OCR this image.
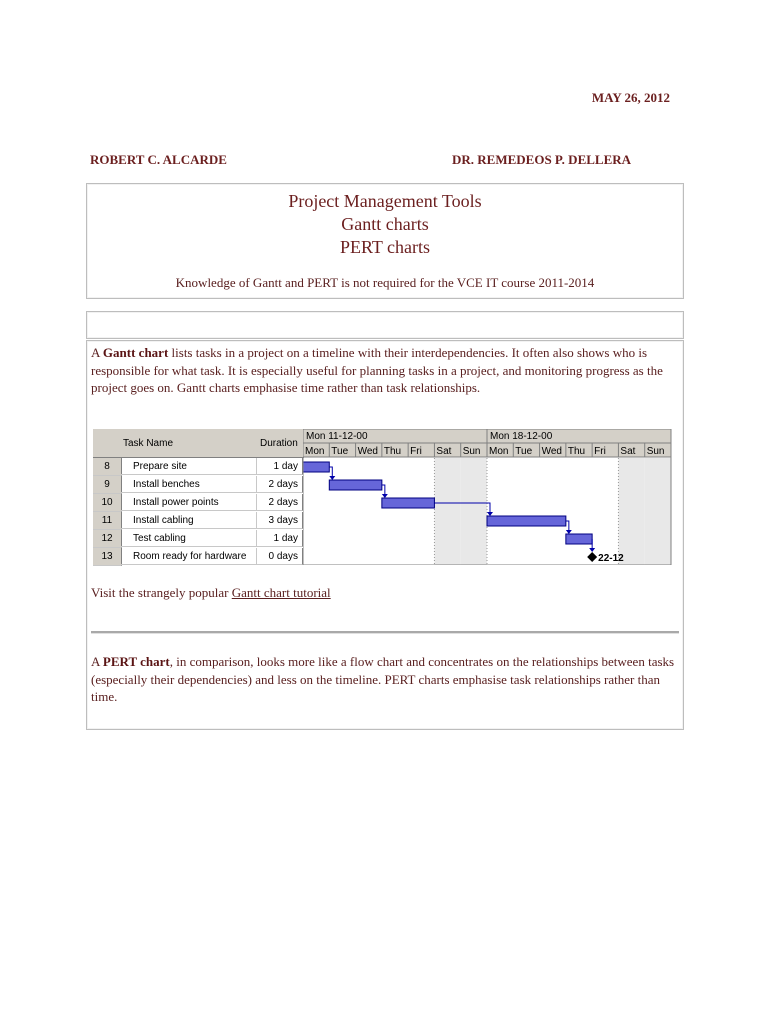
MAY 26, 2012
ROBERT C. ALCARDE	DR. REMEDEOS P. DELLERA
Project Management Tools
Gantt charts
PERT charts
Knowledge of Gantt and PERT is not required for the VCE IT course 2011-2014
A Gantt chart lists tasks in a project on a timeline with their interdependencies. It often also shows who is responsible for what task. It is especially useful for planning tasks in a project, and monitoring progress as the project goes on. Gantt charts emphasise time rather than task relationships.
Task Name	Duration
8	Prepare site	1 day
9	Install benches	2 days
10	Install power points	2 days
11	Install cabling	3 days
12	Test cabling	1 day
13	Room ready for hardware	0 days
Mon 11-12-00	Mon 18-12-00
Mon Tue Wed Thu Fri Sat Sun Mon Tue Wed Thu Fri Sat Sun
22-12
Visit the strangely popular Gantt chart tutorial
A PERT chart, in comparison, looks more like a flow chart and concentrates on the relationships between tasks (especially their dependencies) and less on the timeline. PERT charts emphasise task relationships rather than time.
